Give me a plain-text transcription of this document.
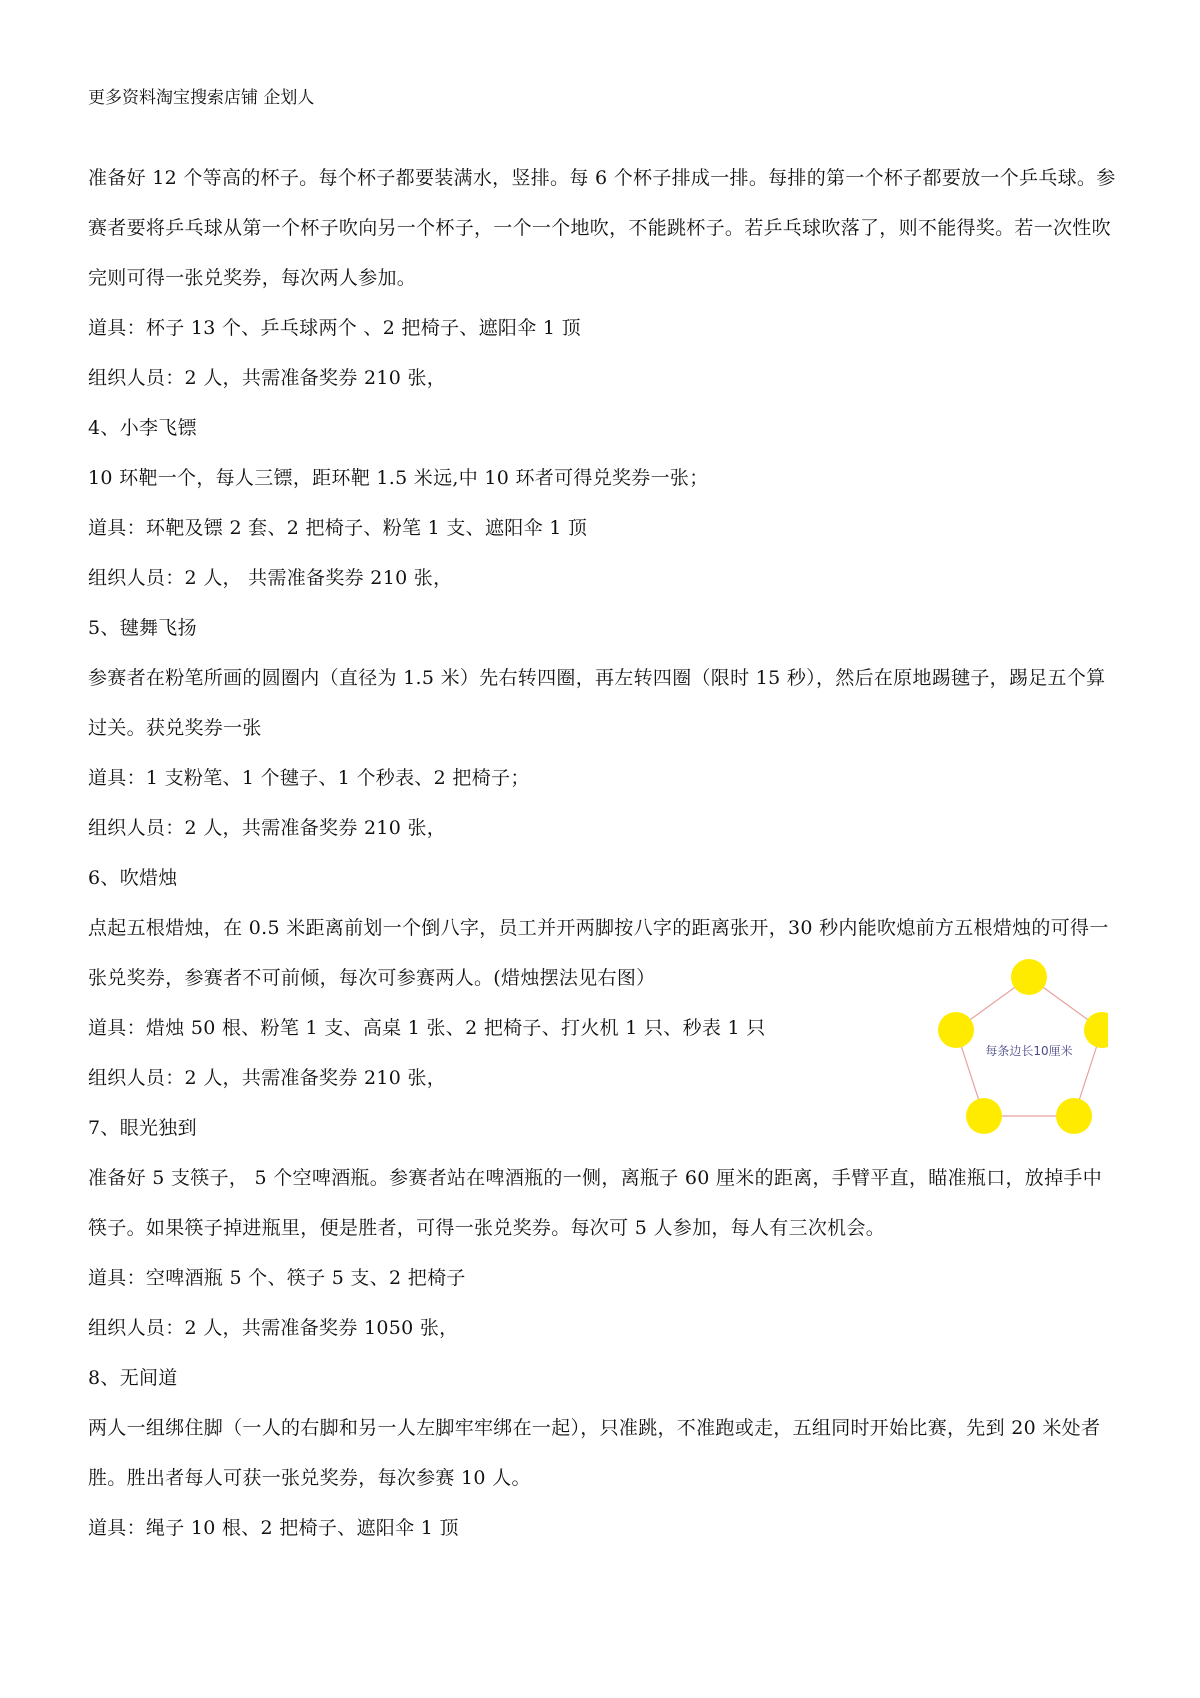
更多资料淘宝搜索店铺 企划人

准备好 12 个等高的杯子。每个杯子都要装满水，竖排。每 6 个杯子排成一排。每排的第一个杯子都要放一个乒乓球。参赛者要将乒乓球从第一个杯子吹向另一个杯子，一个一个地吹，不能跳杯子。若乒乓球吹落了，则不能得奖。若一次性吹完则可得一张兑奖券，每次两人参加。

道具：杯子 13 个、乒乓球两个 、2 把椅子、遮阳伞 1 顶

组织人员：2 人，共需准备奖券 210 张，

4、小李飞镖

10 环靶一个，每人三镖，距环靶 1.5 米远,中 10 环者可得兑奖券一张；

道具：环靶及镖 2 套、2 把椅子、粉笔 1 支、遮阳伞 1 顶

组织人员：2 人， 共需准备奖券 210 张，

5、毽舞飞扬

参赛者在粉笔所画的圆圈内（直径为 1.5 米）先右转四圈，再左转四圈（限时 15 秒），然后在原地踢毽子，踢足五个算过关。获兑奖券一张

道具：1 支粉笔、1 个毽子、1 个秒表、2 把椅子；

组织人员：2 人，共需准备奖券 210 张，

6、吹焟烛

点起五根焟烛，在 0.5 米距离前划一个倒八字，员工并开两脚按八字的距离张开，30 秒内能吹熄前方五根焟烛的可得一张兑奖券，参赛者不可前倾，每次可参赛两人。(焟烛摆法见右图）

道具：焟烛 50 根、粉笔 1 支、高桌 1 张、2 把椅子、打火机 1 只、秒表 1 只

组织人员：2 人，共需准备奖券 210 张，

7、眼光独到

准备好 5 支筷子， 5 个空啤酒瓶。参赛者站在啤酒瓶的一侧，离瓶子 60 厘米的距离，手臂平直，瞄准瓶口，放掉手中筷子。如果筷子掉进瓶里，便是胜者，可得一张兑奖券。每次可 5 人参加，每人有三次机会。

道具：空啤酒瓶 5 个、筷子 5 支、2 把椅子

组织人员：2 人，共需准备奖券 1050 张，

8、无间道

两人一组绑住脚（一人的右脚和另一人左脚牢牢绑在一起），只准跳，不准跑或走，五组同时开始比赛，先到 20 米处者胜。胜出者每人可获一张兑奖券，每次参赛 10 人。

道具：绳子 10 根、2 把椅子、遮阳伞 1 顶

每条边长10厘米
